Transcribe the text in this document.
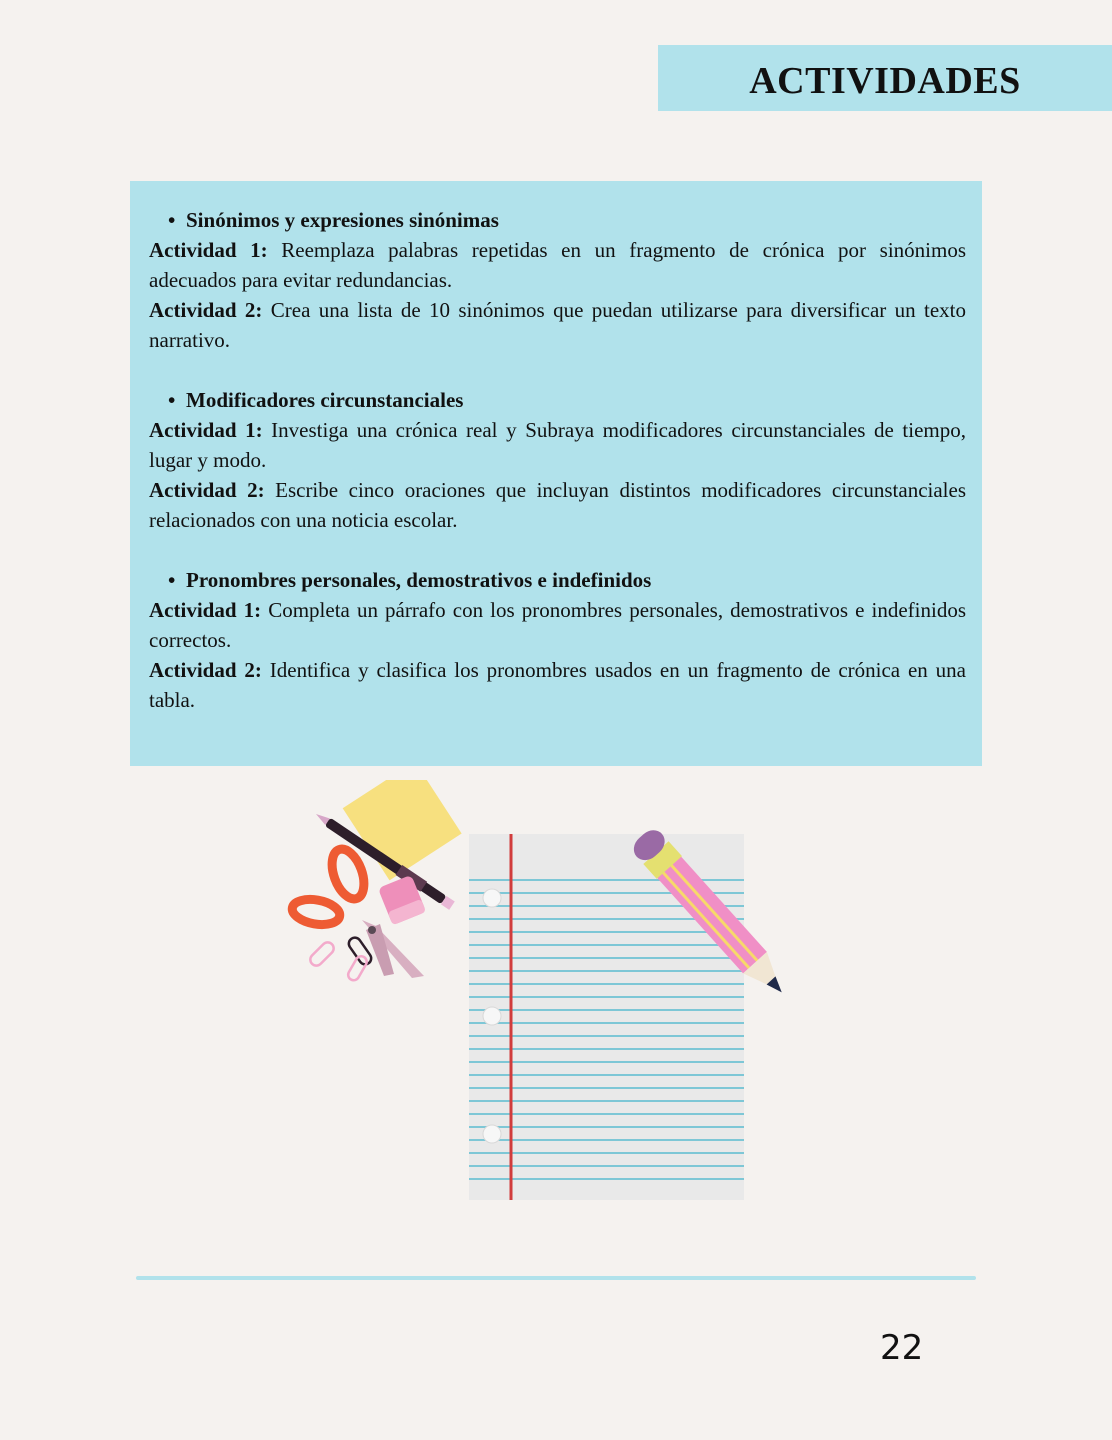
ACTIVIDADES
• Sinónimos y expresiones sinónimas
Actividad 1: Reemplaza palabras repetidas en un fragmento de crónica por sinónimos adecuados para evitar redundancias.
Actividad 2: Crea una lista de 10 sinónimos que puedan utilizarse para diversificar un texto narrativo.
• Modificadores circunstanciales
Actividad 1: Investiga una crónica real y Subraya modificadores circunstanciales de tiempo, lugar y modo.
Actividad 2: Escribe cinco oraciones que incluyan distintos modificadores circunstanciales relacionados con una noticia escolar.
• Pronombres personales, demostrativos e indefinidos
Actividad 1: Completa un párrafo con los pronombres personales, demostrativos e indefinidos correctos.
Actividad 2: Identifica y clasifica los pronombres usados en un fragmento de crónica en una tabla.
22
